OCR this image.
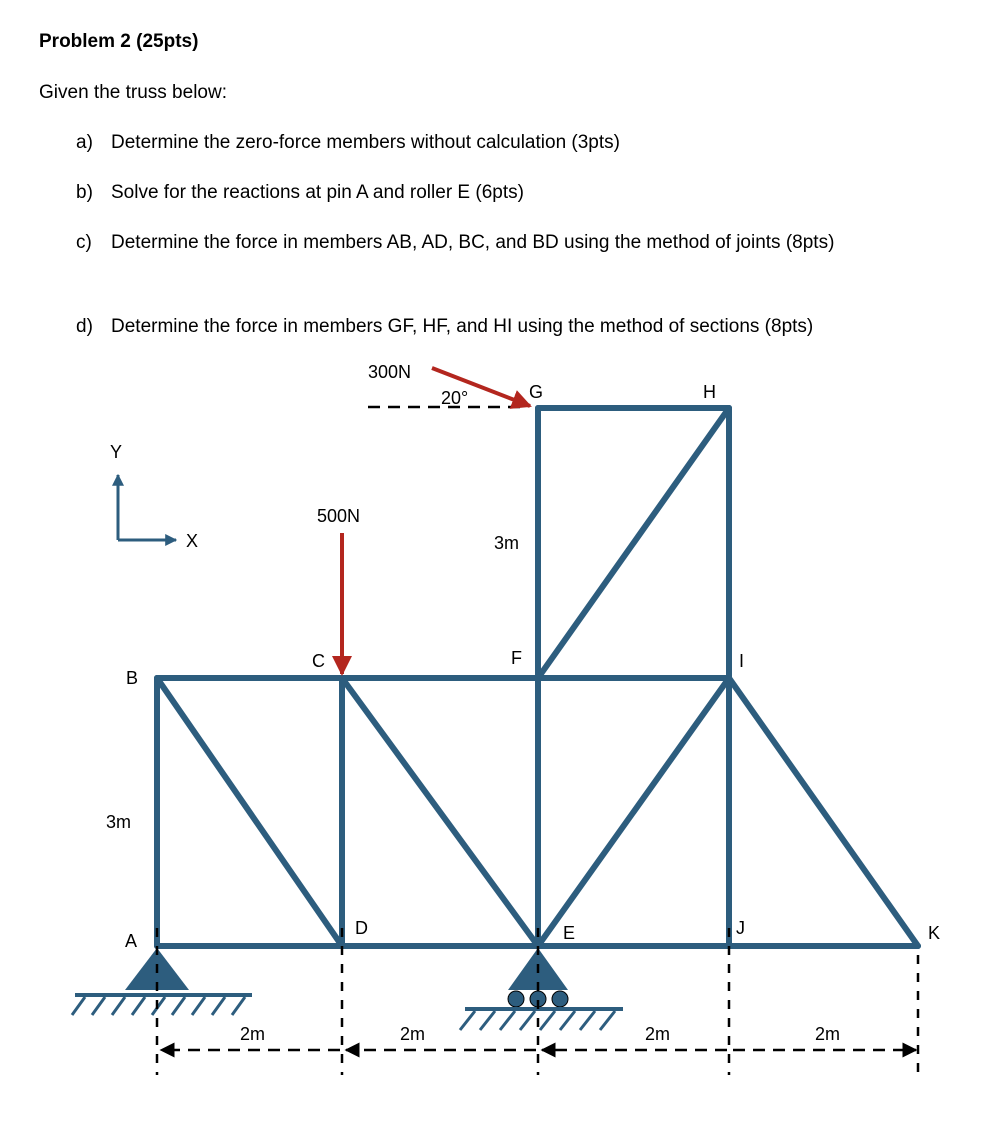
Problem 2 (25pts)
Given the truss below:
a) Determine the zero-force members without calculation (3pts)
b) Solve for the reactions at pin A and roller E (6pts)
c) Determine the force in members AB, AD, BC, and BD using the method of joints (8pts)
d) Determine the force in members GF, HF, and HI using the method of sections (8pts)
Y
X
300N
20°
500N
G	H
B
C	F	I
A
D	E	J	K
3m
3m
2m	2m	2m	2m
